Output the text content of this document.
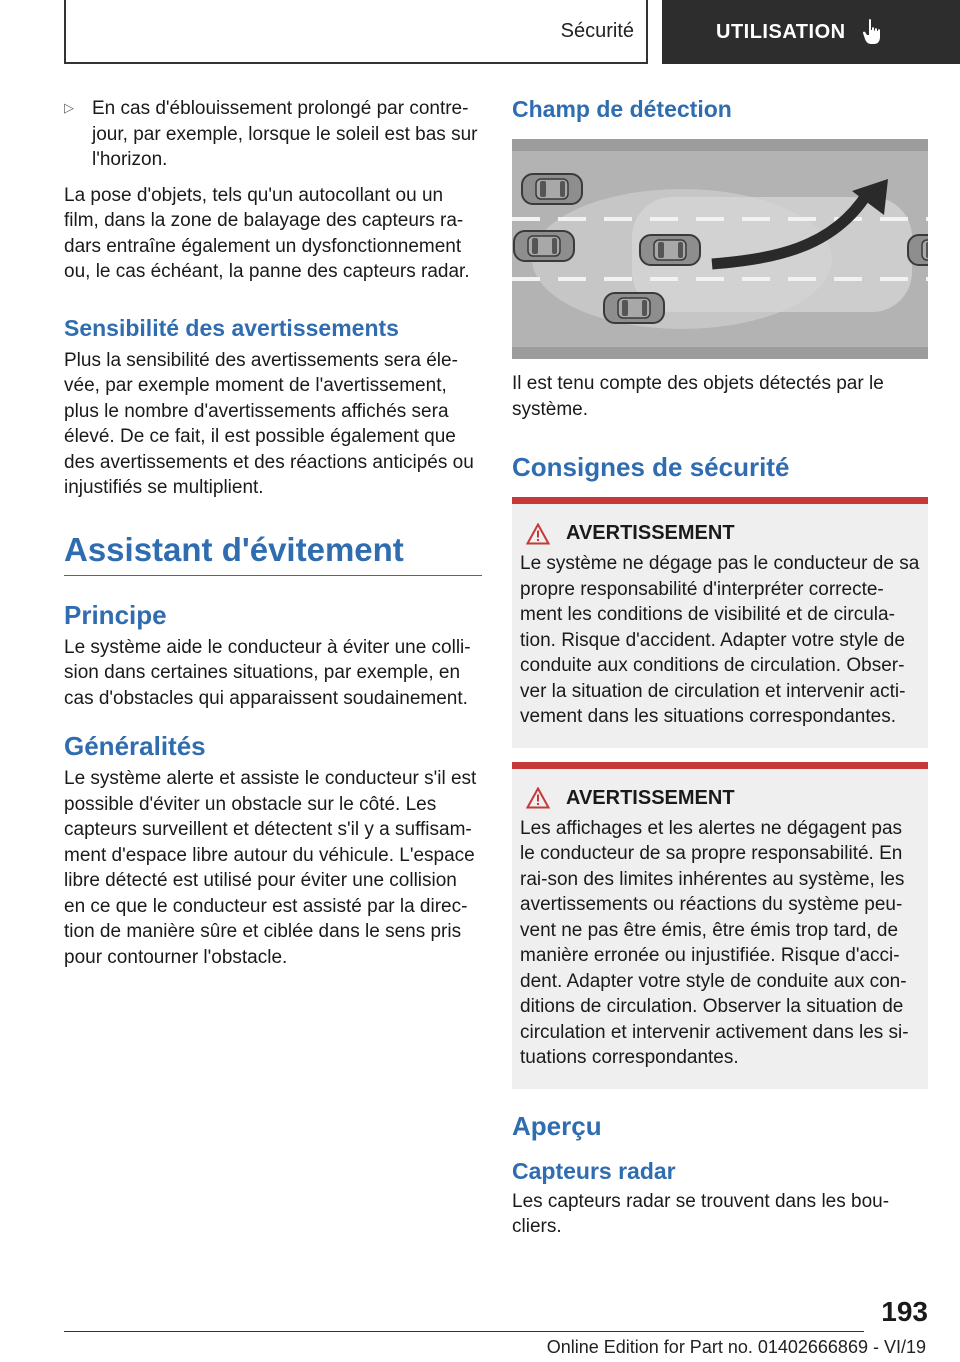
Sécurité	UTILISATION
▷ En cas d'éblouissement prolongé par contre-jour, par exemple, lorsque le soleil est bas sur l'horizon.

La pose d'objets, tels qu'un autocollant ou un film, dans la zone de balayage des capteurs ra-dars entraîne également un dysfonctionnement ou, le cas échéant, la panne des capteurs radar.

Sensibilité des avertissements

Plus la sensibilité des avertissements sera éle-vée, par exemple moment de l'avertissement, plus le nombre d'avertissements affichés sera élevé. De ce fait, il est possible également que des avertissements et des réactions anticipés ou injustifiés se multiplient.

Assistant d'évitement
Principe

Le système aide le conducteur à éviter une colli-sion dans certaines situations, par exemple, en cas d'obstacles qui apparaissent soudainement.

Généralités

Le système alerte et assiste le conducteur s'il est possible d'éviter un obstacle sur le côté. Les capteurs surveillent et détectent s'il y a suffisam-ment d'espace libre autour du véhicule. L'espace libre détecté est utilisé pour éviter une collision en ce que le conducteur est assisté par la direc-tion de manière sûre et ciblée dans le sens pris pour contourner l'obstacle.

Champ de détection

Il est tenu compte des objets détectés par le système.

Consignes de sécurité
AVERTISSEMENT

Le système ne dégage pas le conducteur de sa propre responsabilité d'interpréter correcte-ment les conditions de visibilité et de circula-tion. Risque d'accident. Adapter votre style de conduite aux conditions de circulation. Obser-ver la situation de circulation et intervenir acti-vement dans les situations correspondantes.

AVERTISSEMENT

Les affichages et les alertes ne dégagent pas le conducteur de sa propre responsabilité. En rai-son des limites inhérentes au système, les avertissements ou réactions du système peu-vent ne pas être émis, être émis trop tard, de manière erronée ou injustifiée. Risque d'acci-dent. Adapter votre style de conduite aux con-ditions de circulation. Observer la situation de circulation et intervenir activement dans les si-tuations correspondantes.

Aperçu
Capteurs radar

Les capteurs radar se trouvent dans les bou-cliers.

193
Online Edition for Part no. 01402666869 - VI/19
